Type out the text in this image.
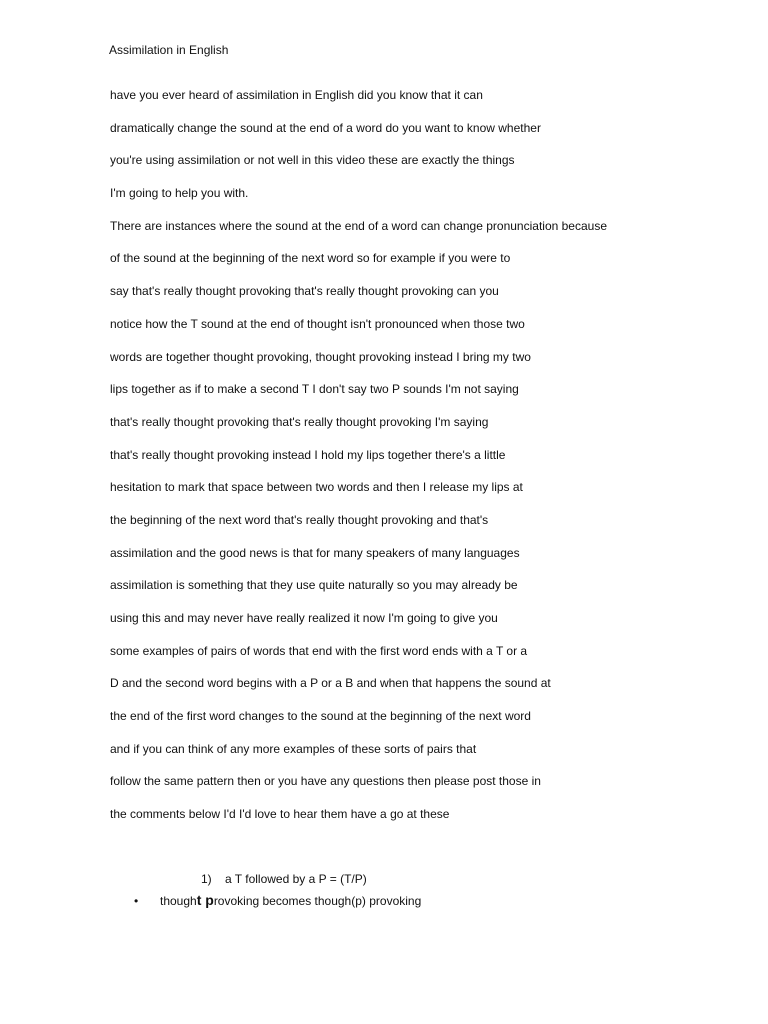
Assimilation in English
have you ever heard of assimilation in English did you know that it can
dramatically change the sound at the end of a word do you want to know whether
you're using assimilation or not well in this video these are exactly the things
I'm going to help you with.
There are instances where the sound at the end of a word can change pronunciation because
of the sound at the beginning of the next word so for example if you were to
say that's really thought provoking that's really thought provoking can you
notice how the T sound at the end of thought isn't pronounced when those two
words are together thought provoking, thought provoking instead I bring my two
lips together as if to make a second T I don't say two P sounds I'm not saying
that's really thought provoking that's really thought provoking I'm saying
that's really thought provoking instead I hold my lips together there's a little
hesitation to mark that space between two words and then I release my lips at
the beginning of the next word that's really thought provoking and that's
assimilation and the good news is that for many speakers of many languages
assimilation is something that they use quite naturally so you may already be
using this and may never have really realized it now I'm going to give you
some examples of pairs of words that end with the first word ends with a T or a
D and the second word begins with a P or a B and when that happens the sound at
the end of the first word changes to the sound at the beginning of the next word
and if you can think of any more examples of these sorts of pairs that
follow the same pattern then or you have any questions then please post those in
the comments below I'd I'd love to hear them have a go at these
1) a T followed by a P = (T/P)
• thought provoking becomes though(p) provoking
